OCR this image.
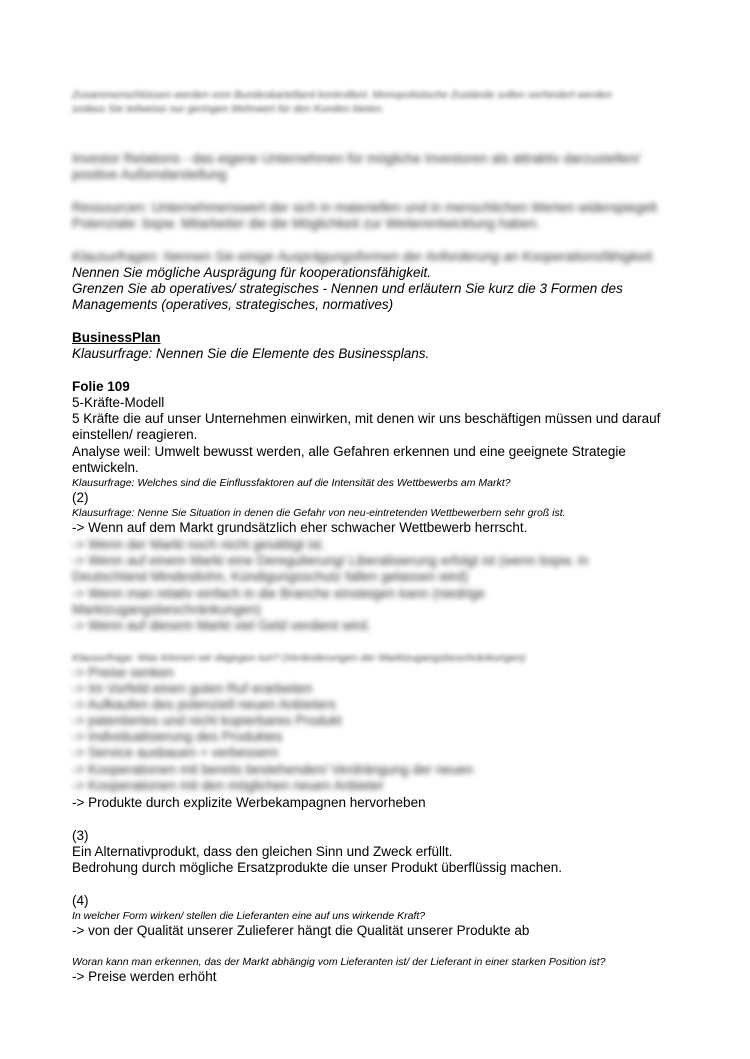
Zusammenschlüssen werden vom Bundeskartellamt kontrolliert. Monopolistische Zustände sollen verhindert werden
sodass Sie teilweise nur geringen Mehrwert für den Kunden bieten.
Investor Relations - das eigene Unternehmen für mögliche Investoren als attraktiv darzustellen/
positive Außendarstellung
Ressourcen: Unternehmenswert der sich in materiellen und in menschlichen Werten widerspiegelt
Potenziale: bspw. Mitarbeiter die die Möglichkeit zur Weiterentwicklung haben.
Klausurfragen: Nennen Sie einige Ausprägungsformen der Anforderung an Kooperationsfähigkeit.
Nennen Sie mögliche Ausprägung für kooperationsfähigkeit.
Grenzen Sie ab operatives/ strategisches - Nennen und erläutern Sie kurz die 3 Formen des
Managements (operatives, strategisches, normatives)
BusinessPlan
Klausurfrage: Nennen Sie die Elemente des Businessplans.
Folie 109
5-Kräfte-Modell
5 Kräfte die auf unser Unternehmen einwirken, mit denen wir uns beschäftigen müssen und darauf
einstellen/ reagieren.
Analyse weil: Umwelt bewusst werden, alle Gefahren erkennen und eine geeignete Strategie
entwickeln.
Klausurfrage: Welches sind die Einflussfaktoren auf die Intensität des Wettbewerbs am Markt?
(2)
Klausurfrage: Nenne Sie Situation in denen die Gefahr von neu-eintretenden Wettbewerbern sehr groß ist.
-> Wenn auf dem Markt grundsätzlich eher schwacher Wettbewerb herrscht.
-> Wenn der Markt noch nicht gesättigt ist.
-> Wenn auf einem Markt eine Deregulierung/ Liberalisierung erfolgt ist (wenn bspw. in
Deutschland Mindestlohn, Kündigungsschutz fallen gelassen wird)
-> Wenn man relativ einfach in die Branche einsteigen kann (niedrige
Marktzugangsbeschränkungen)
-> Wenn auf diesem Markt viel Geld verdient wird.
Klausurfrage: Was können wir dagegen tun? (Veränderungen der Marktzugangsbeschränkungen)
-> Preise senken
-> Im Vorfeld einen guten Ruf erarbeiten
-> Aufkaufen des potenziell neuen Anbieters
-> patentiertes und nicht kopierbares Produkt
-> Individualisierung des Produktes
-> Service ausbauen + verbessern
-> Kooperationen mit bereits bestehenden/ Verdrängung der neuen
-> Kooperationen mit den möglichen neuen Anbieter
-> Produkte durch explizite Werbekampagnen hervorheben
(3)
Ein Alternativprodukt, dass den gleichen Sinn und Zweck erfüllt.
Bedrohung durch mögliche Ersatzprodukte die unser Produkt überflüssig machen.
(4)
In welcher Form wirken/ stellen die Lieferanten eine auf uns wirkende Kraft?
-> von der Qualität unserer Zulieferer hängt die Qualität unserer Produkte ab
Woran kann man erkennen, das der Markt abhängig vom Lieferanten ist/ der Lieferant in einer starken Position ist?
-> Preise werden erhöht
